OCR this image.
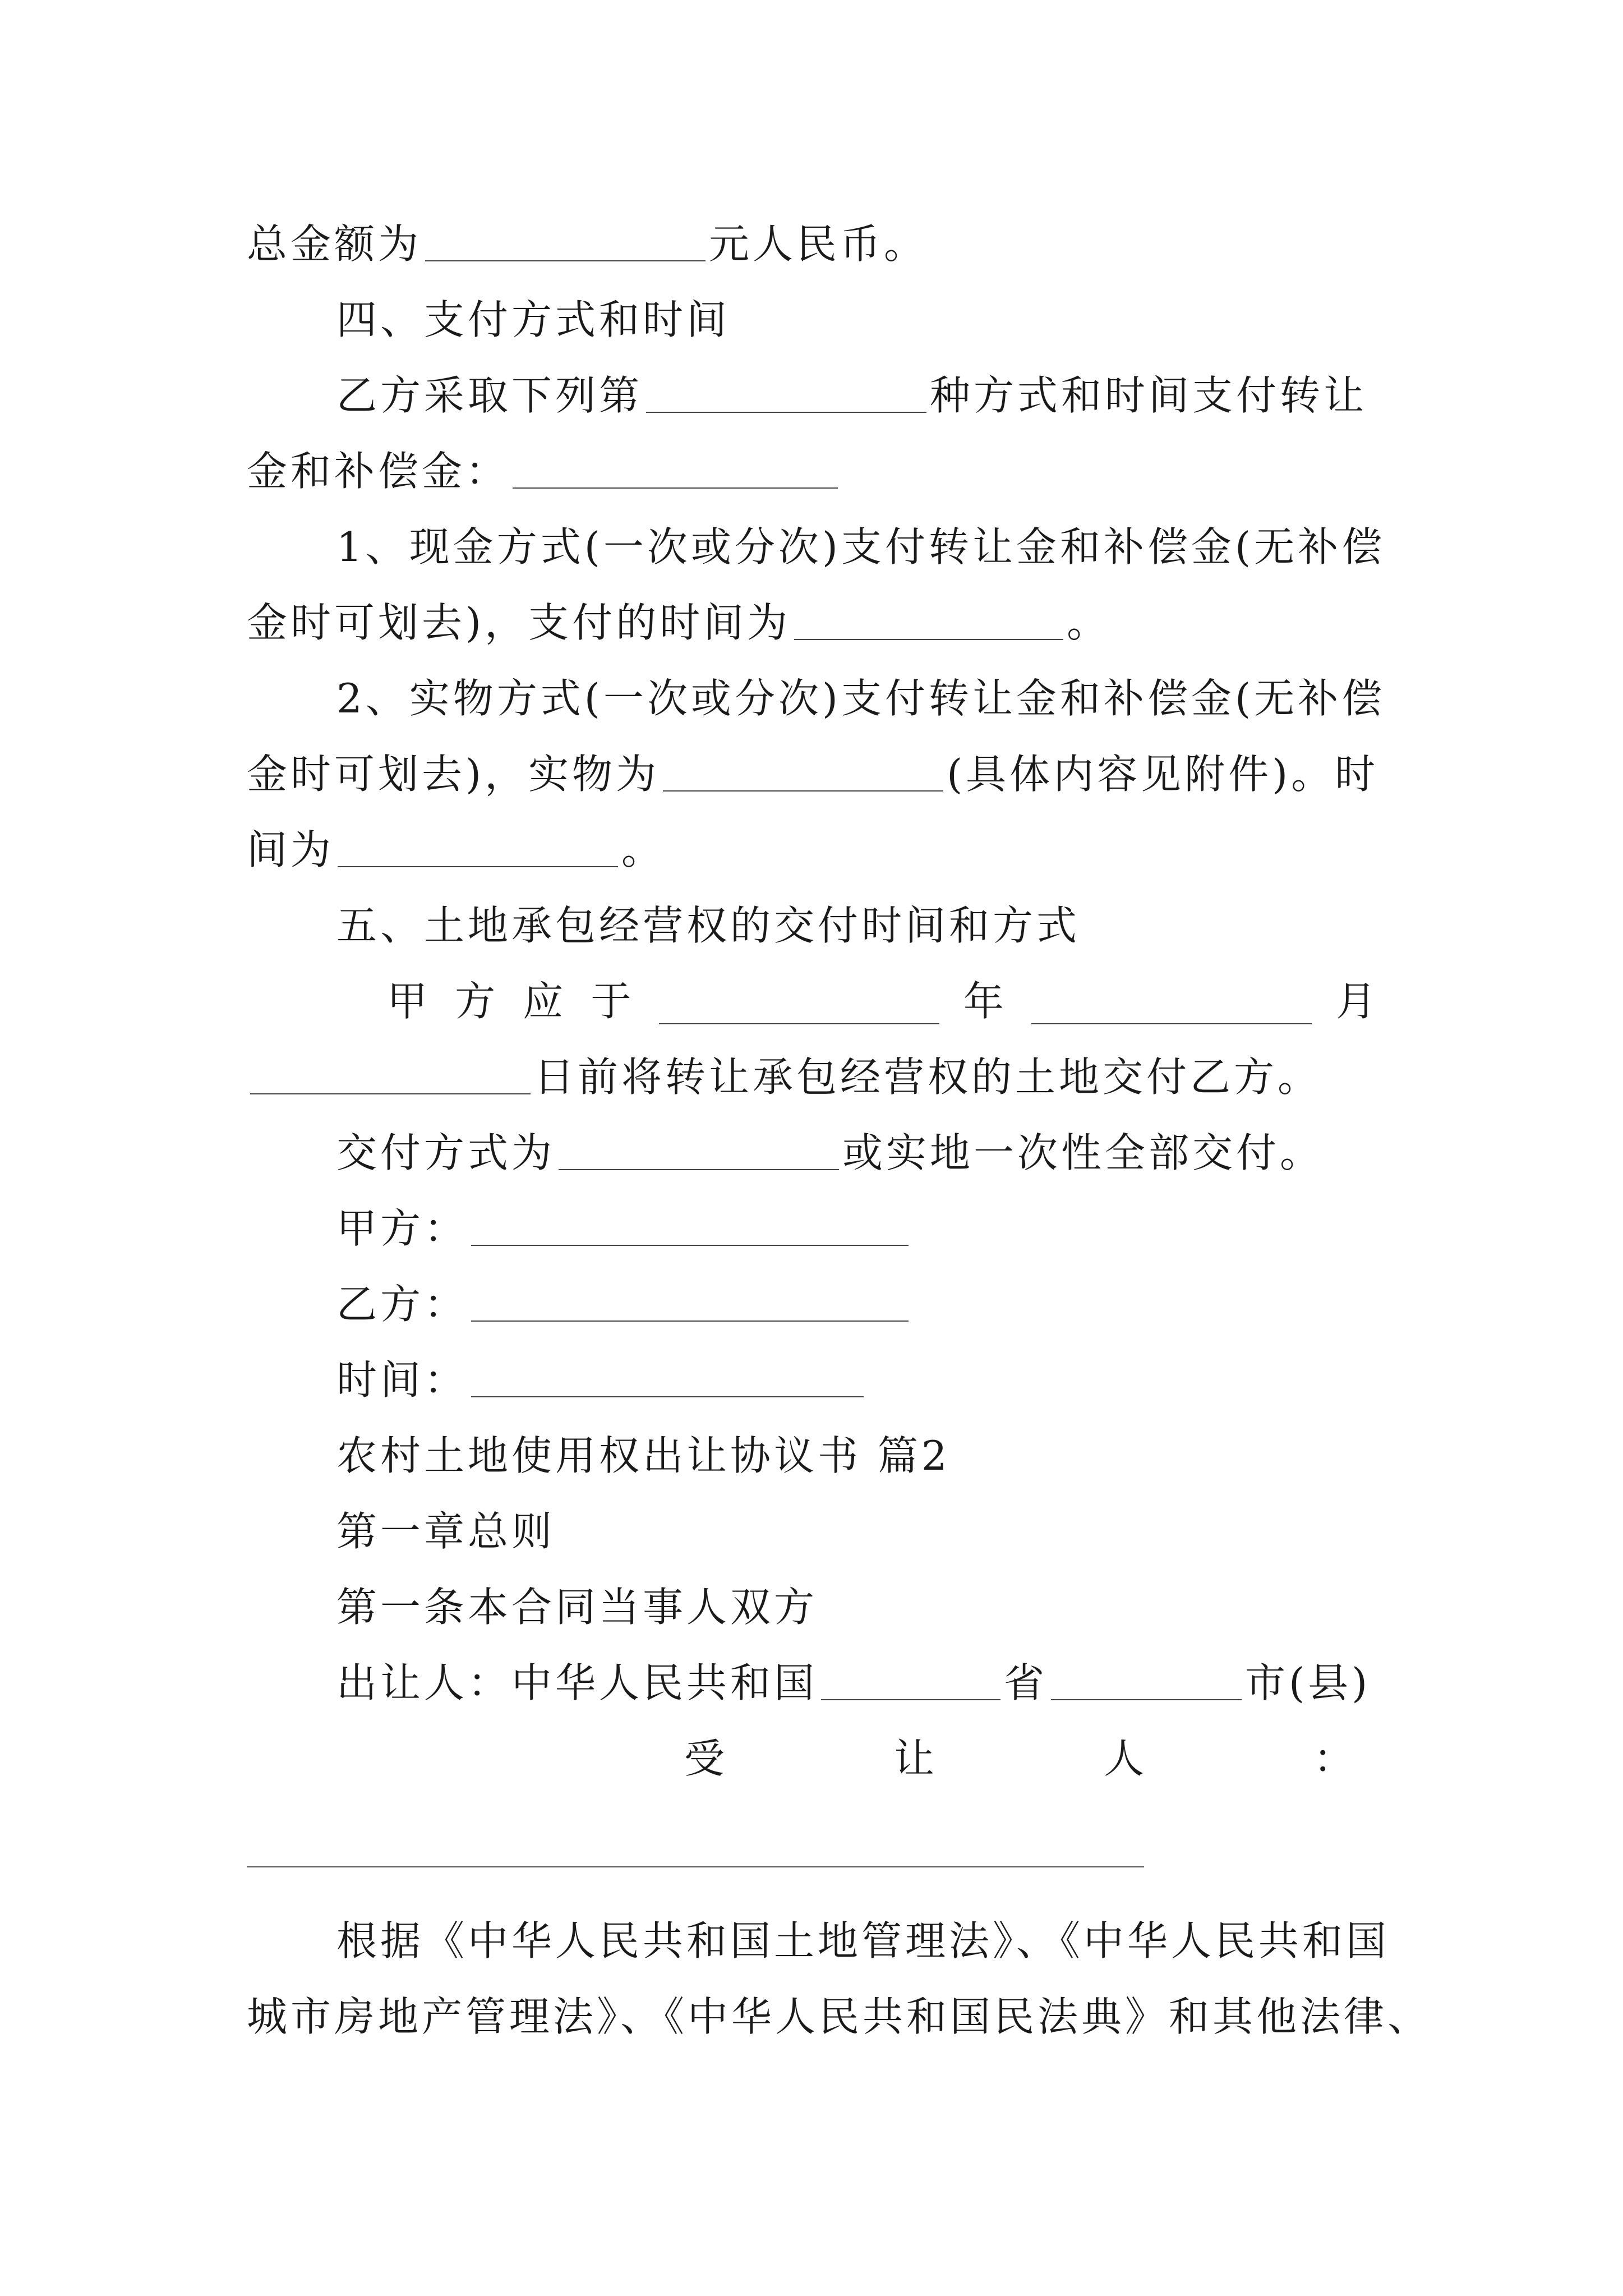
总金额为	元人民币。
四、支付方式和时间
乙方采取下列第	种方式和时间支付转让
金和补偿金：
1、现金方式(一次或分次)支付转让金和补偿金(无补偿
金时可划去)，支付的时间为	。
2、实物方式(一次或分次)支付转让金和补偿金(无补偿
金时可划去)，实物为	(具体内容见附件)。时
间为	。
五、土地承包经营权的交付时间和方式
甲 方 应 于	年	月
日前将转让承包经营权的土地交付乙方。
交付方式为	或实地一次性全部交付。
甲方：
乙方：
时间：
农村土地使用权出让协议书 篇2
第一章总则
第一条本合同当事人双方
出让人：中华人民共和国	省	市(县)
受	让	人	：
根据《中华人民共和国土地管理法》、《中华人民共和国
城市房地产管理法》、《中华人民共和国民法典》和其他法律、
